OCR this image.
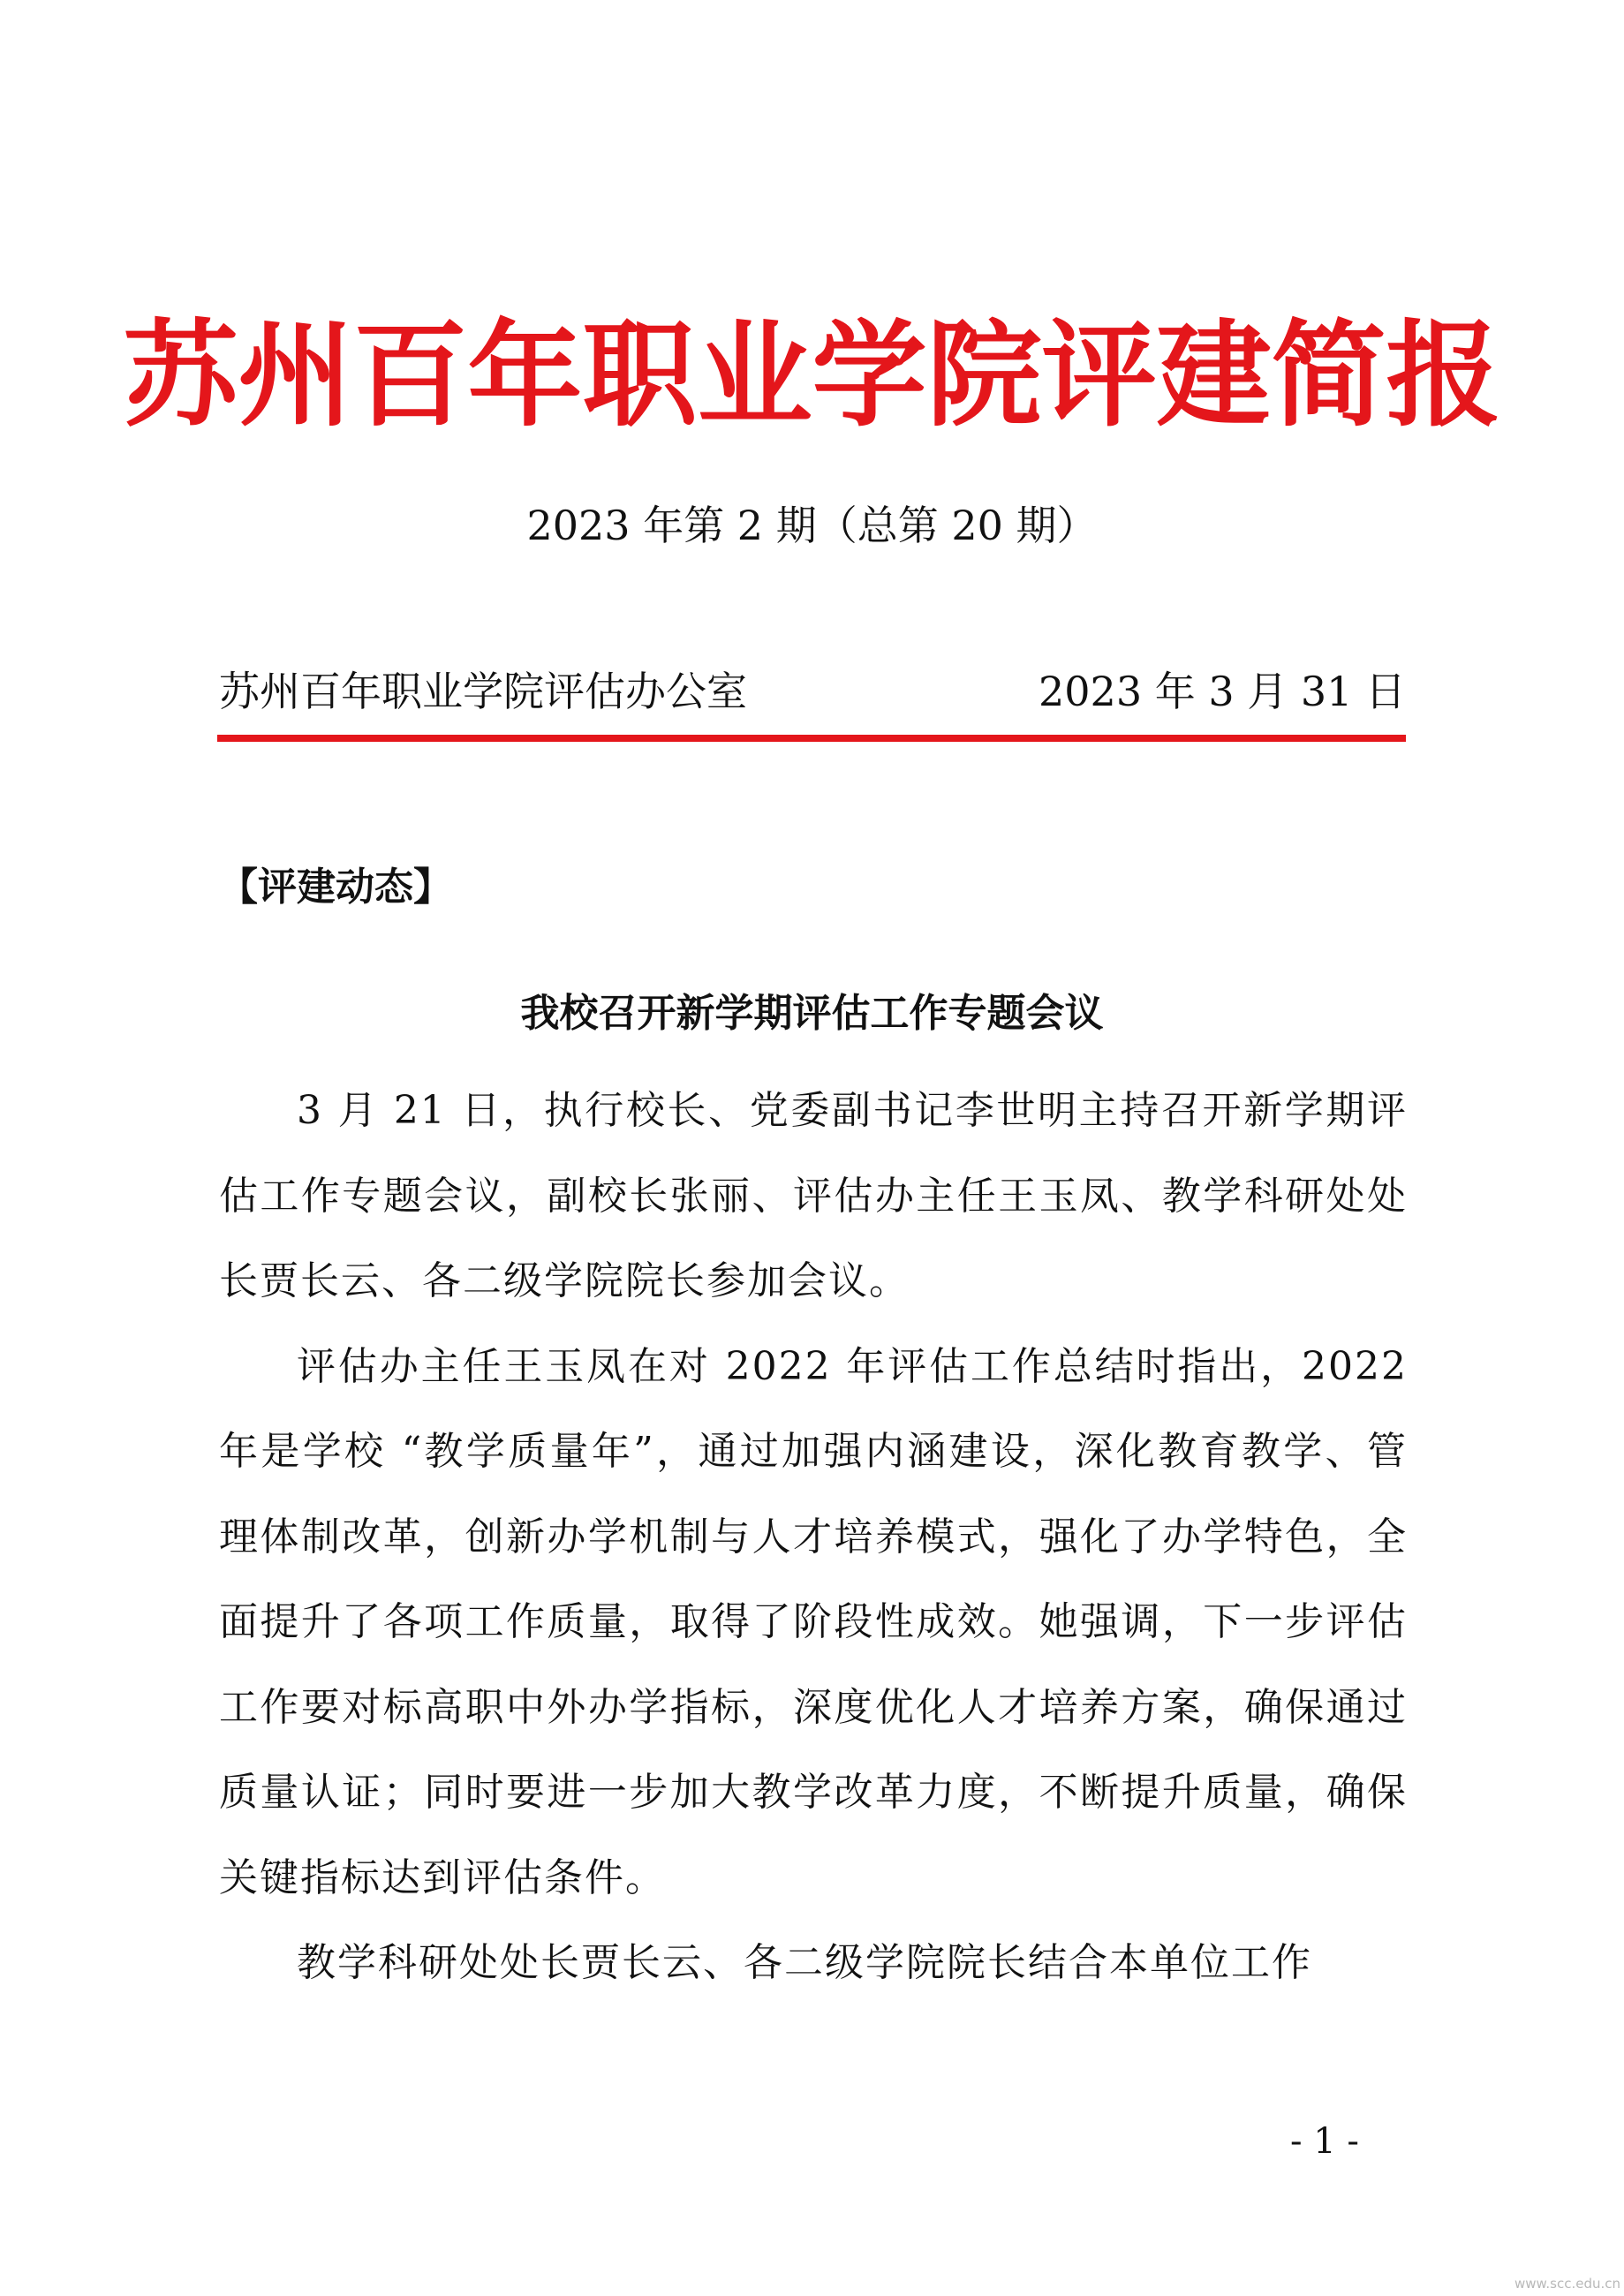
苏州百年职业学院评建简报
2023 年第 2 期（总第 20 期）
苏州百年职业学院评估办公室	2023 年 3 月 31 日
【评建动态】
我校召开新学期评估工作专题会议

3 月 21 日，执行校长、党委副书记李世明主持召开新学期评估工作专题会议，副校长张丽、评估办主任王玉凤、教学科研处处长贾长云、各二级学院院长参加会议。

评估办主任王玉凤在对 2022 年评估工作总结时指出，2022 年是学校 “教学质量年”，通过加强内涵建设，深化教育教学、管理体制改革，创新办学机制与人才培养模式，强化了办学特色，全面提升了各项工作质量，取得了阶段性成效。她强调，下一步评估工作要对标高职中外办学指标，深度优化人才培养方案，确保通过质量认证；同时要进一步加大教学改革力度，不断提升质量，确保关键指标达到评估条件。

教学科研处处长贾长云、各二级学院院长结合本单位工作

- 1 -
www.scc.edu.cn
